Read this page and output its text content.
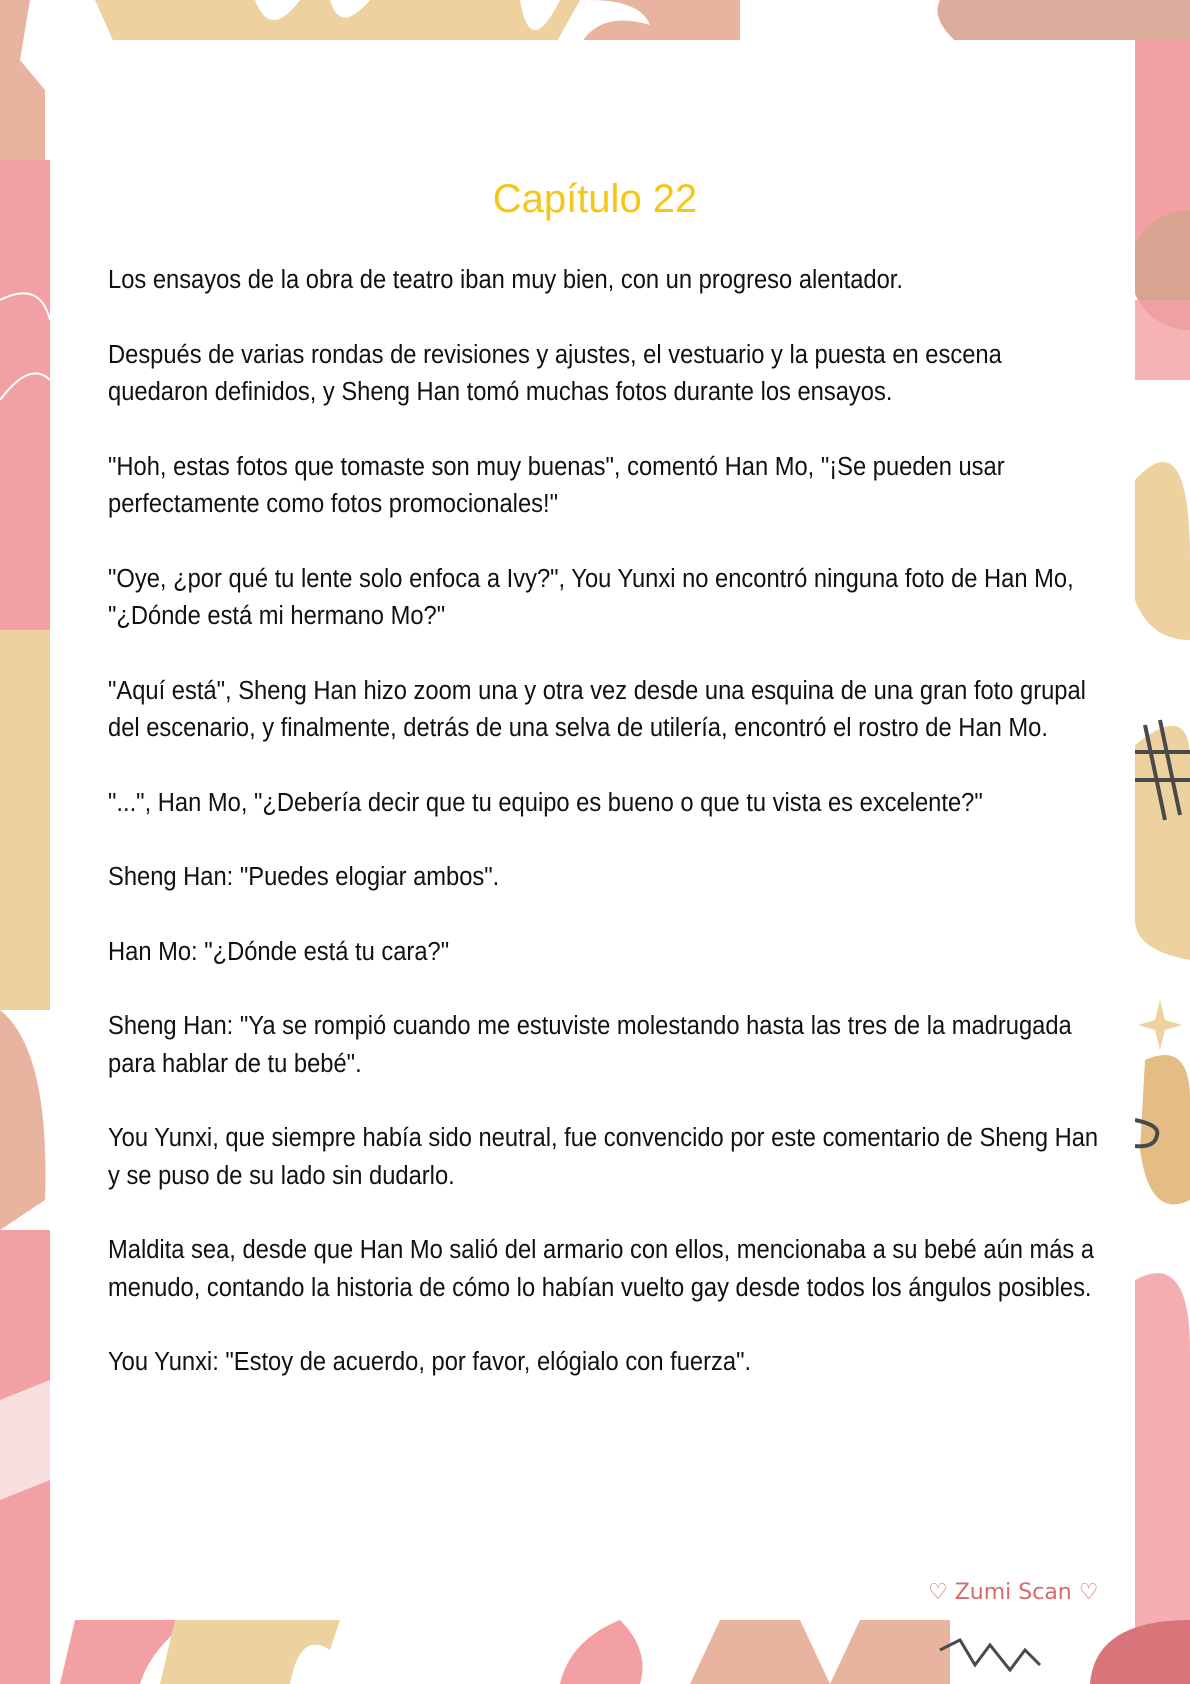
Capítulo 22

Los ensayos de la obra de teatro iban muy bien, con un progreso alentador.

Después de varias rondas de revisiones y ajustes, el vestuario y la puesta en escena quedaron definidos, y Sheng Han tomó muchas fotos durante los ensayos.

"Hoh, estas fotos que tomaste son muy buenas", comentó Han Mo, "¡Se pueden usar perfectamente como fotos promocionales!"

"Oye, ¿por qué tu lente solo enfoca a Ivy?", You Yunxi no encontró ninguna foto de Han Mo, "¿Dónde está mi hermano Mo?"

"Aquí está", Sheng Han hizo zoom una y otra vez desde una esquina de una gran foto grupal del escenario, y finalmente, detrás de una selva de utilería, encontró el rostro de Han Mo.

"...", Han Mo, "¿Debería decir que tu equipo es bueno o que tu vista es excelente?"

Sheng Han: "Puedes elogiar ambos".

Han Mo: "¿Dónde está tu cara?"

Sheng Han: "Ya se rompió cuando me estuviste molestando hasta las tres de la madrugada para hablar de tu bebé".

You Yunxi, que siempre había sido neutral, fue convencido por este comentario de Sheng Han y se puso de su lado sin dudarlo.

Maldita sea, desde que Han Mo salió del armario con ellos, mencionaba a su bebé aún más a menudo, contando la historia de cómo lo habían vuelto gay desde todos los ángulos posibles.

You Yunxi: "Estoy de acuerdo, por favor, elógialo con fuerza".

♡ Zumi Scan ♡
